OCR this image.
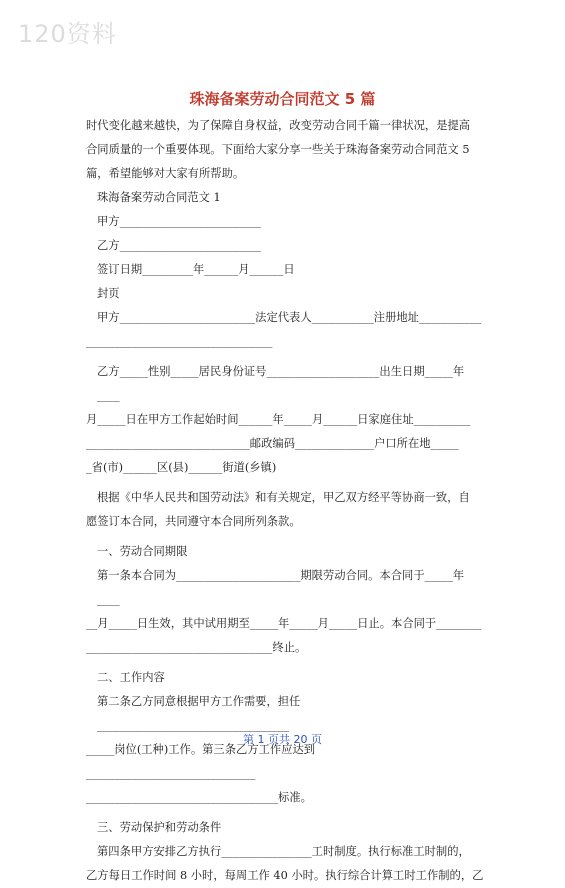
120资料
珠海备案劳动合同范文 5 篇

时代变化越来越快，为了保障自身权益，改变劳动合同千篇一律状况，是提高

合同质量的一个重要体现。下面给大家分享一些关于珠海备案劳动合同范文 5

篇，希望能够对大家有所帮助。

珠海备案劳动合同范文 1

甲方_________________________

乙方_________________________

签订日期_________年______月______日

封页

甲方________________________法定代表人___________注册地址___________

_________________________________

乙方_____性别_____居民身份证号____________________出生日期_____年____

月_____日在甲方工作起始时间______年_____月______日家庭住址__________

_____________________________邮政编码______________户口所在地_____

_省(市)______区(县)______街道(乡镇)

根据《中华人民共和国劳动法》和有关规定，甲乙双方经平等协商一致，自

愿签订本合同，共同遵守本合同所列条款。

一、劳动合同期限

第一条本合同为______________________期限劳动合同。本合同于_____年____

__月_____日生效，其中试用期至_____年_____月_____日止。本合同于________

_________________________________终止。

二、工作内容

第二条乙方同意根据甲方工作需要，担任__________________________________

_____岗位(工种)工作。第三条乙方工作应达到______________________________

__________________________________标准。

三、劳动保护和劳动条件

第四条甲方安排乙方执行________________工时制度。执行标准工时制的，

乙方每日工作时间 8 小时，每周工作 40 小时。执行综合计算工时工作制的，乙

第 1 页共 20 页
